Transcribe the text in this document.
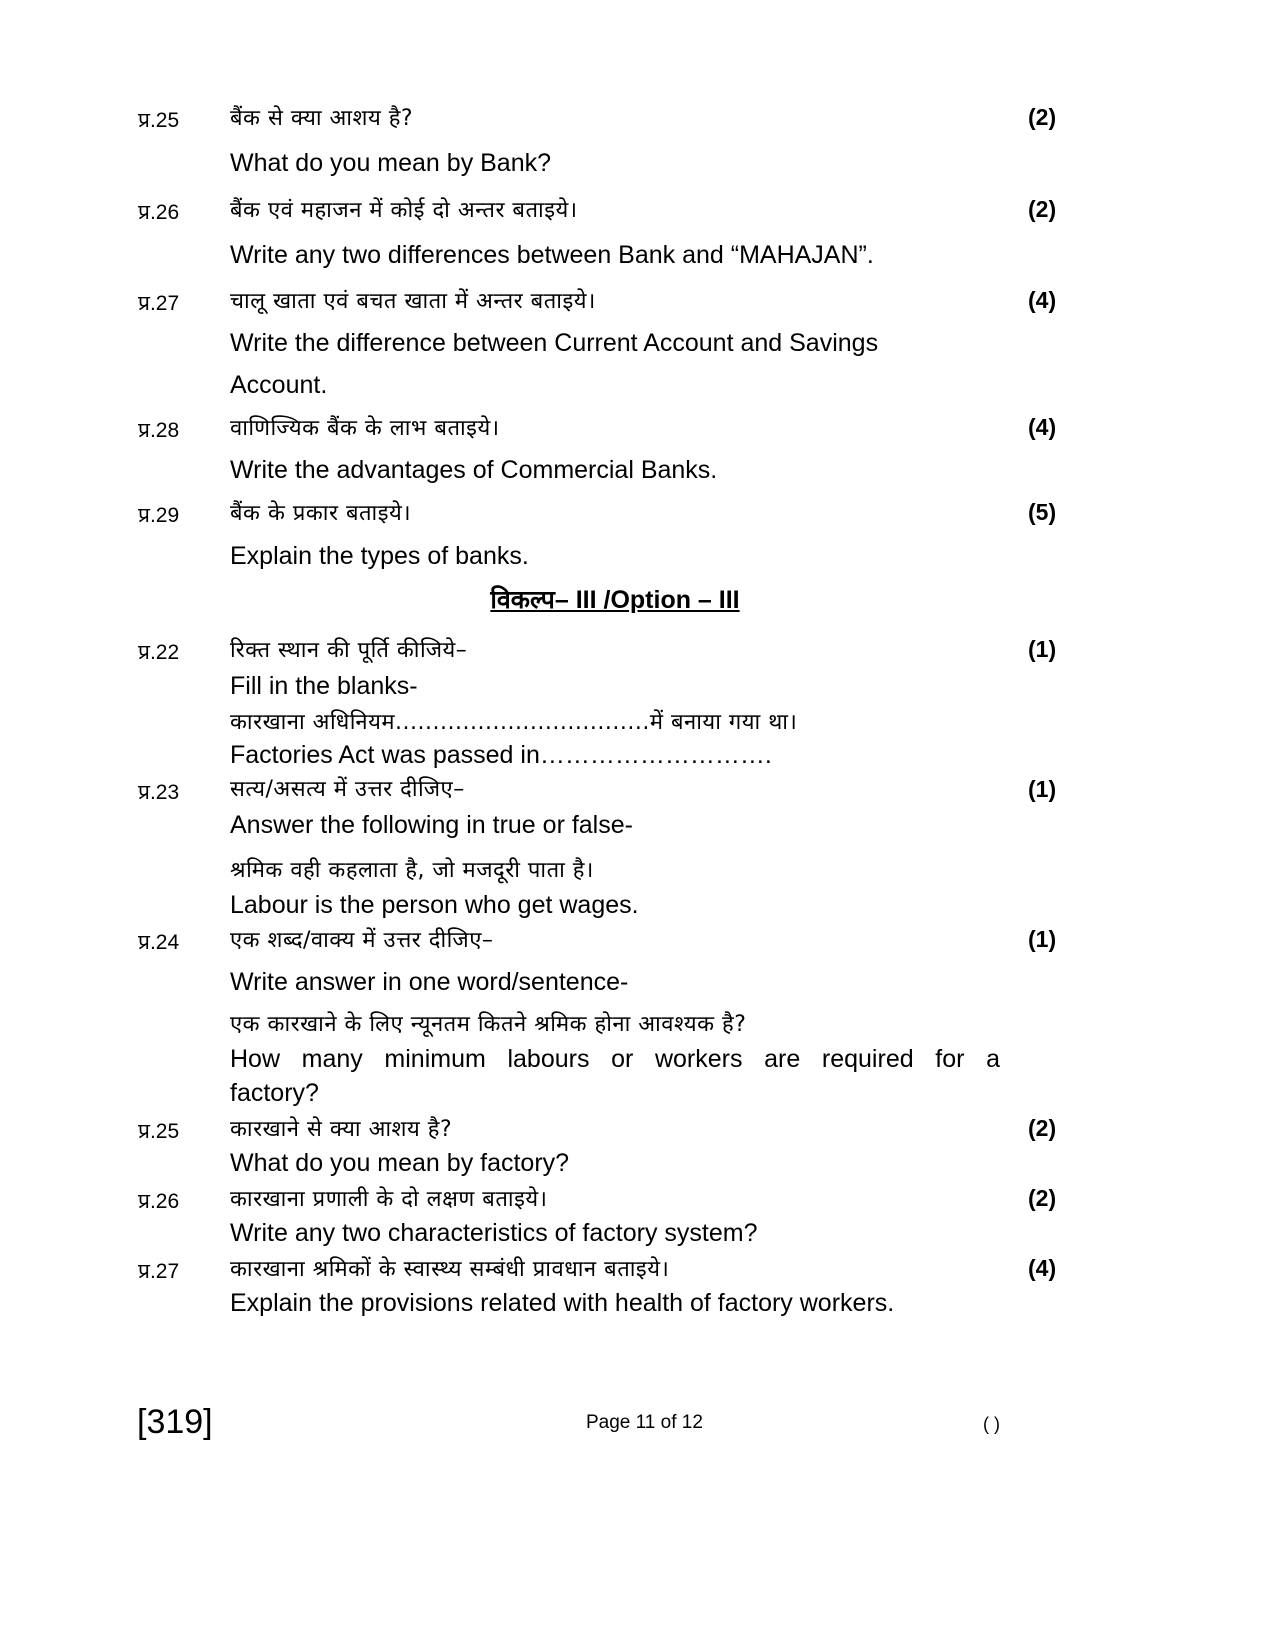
प्र.25 बैंक से क्या आशय है?	(2)
What do you mean by Bank?
प्र.26 बैंक एवं महाजन में कोई दो अन्तर बताइये।	(2)
Write any two differences between Bank and “MAHAJAN”.
प्र.27 चालू खाता एवं बचत खाता में अन्तर बताइये।	(4)
Write the difference between Current Account and Savings
Account.
प्र.28 वाणिज्यिक बैंक के लाभ बताइये।	(4)
Write the advantages of Commercial Banks.
प्र.29 बैंक के प्रकार बताइये।	(5)
Explain the types of banks.
विकल्प– III /Option – III
प्र.22 रिक्त स्थान की पूर्ति कीजिये–	(1)
Fill in the blanks-
कारखाना अधिनियम..................................में बनाया गया था।
Factories Act was passed in……………………….
प्र.23 सत्य/असत्य में उत्तर दीजिए–	(1)
Answer the following in true or false-
श्रमिक वही कहलाता है, जो मजदूरी पाता है।
Labour is the person who get wages.
प्र.24 एक शब्द/वाक्य में उत्तर दीजिए–	(1)
Write answer in one word/sentence-
एक कारखाने के लिए न्यूनतम कितने श्रमिक होना आवश्यक है?
How many minimum labours or workers are required for a
factory?
प्र.25 कारखाने से क्या आशय है?	(2)
What do you mean by factory?
प्र.26 कारखाना प्रणाली के दो लक्षण बताइये।	(2)
Write any two characteristics of factory system?
प्र.27 कारखाना श्रमिकों के स्वास्थ्य सम्बंधी प्रावधान बताइये।	(4)
Explain the provisions related with health of factory workers.
[319]	Page 11 of 12	( )
